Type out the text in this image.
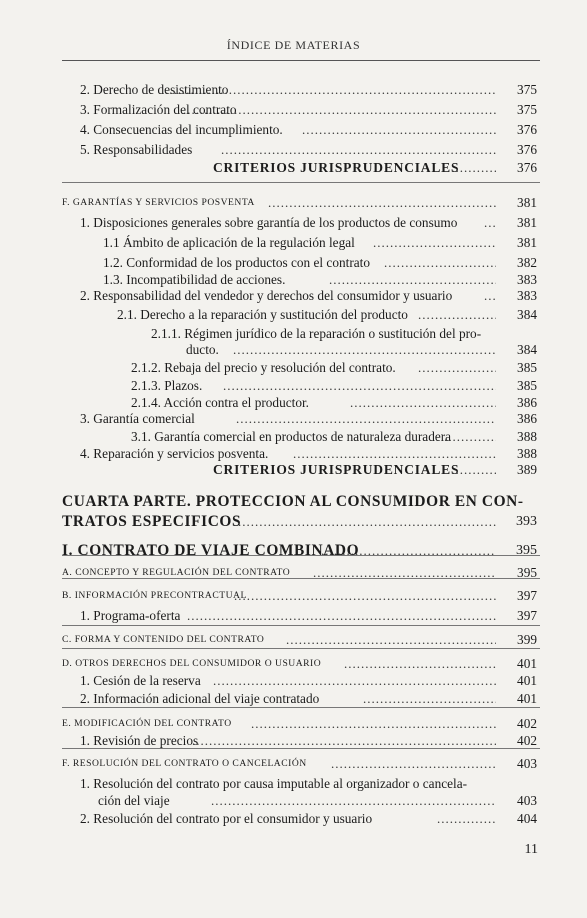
ÍNDICE DE MATERIAS
2. Derecho de desistimiento .....	375
3. Formalización del contrato .....	375
4. Consecuencias del incumplimiento. .....	376
5. Responsabilidades .....	376
CRITERIOS JURISPRUDENCIALES .....	376
F. GARANTÍAS Y SERVICIOS POSVENTA .....	381
1. Disposiciones generales sobre garantía de los productos de consumo .....	381
1.1 Ámbito de aplicación de la regulación legal .....	381
1.2. Conformidad de los productos con el contrato .....	382
1.3. Incompatibilidad de acciones. .....	383
2. Responsabilidad del vendedor y derechos del consumidor y usuario .....	383
2.1. Derecho a la reparación y sustitución del producto .....	384
2.1.1. Régimen jurídico de la reparación o sustitución del pro-
ducto. .....	384
2.1.2. Rebaja del precio y resolución del contrato. .....	385
2.1.3. Plazos. .....	385
2.1.4. Acción contra el productor. .....	386
3. Garantía comercial .....	386
3.1. Garantía comercial en productos de naturaleza duradera .....	388
4. Reparación y servicios posventa. .....	388
CRITERIOS JURISPRUDENCIALES .....	389
CUARTA PARTE. PROTECCION AL CONSUMIDOR EN CON-
TRATOS ESPECIFICOS .....	393
I. CONTRATO DE VIAJE COMBINADO .....	395
A. CONCEPTO Y REGULACIÓN DEL CONTRATO .....	395
B. INFORMACIÓN PRECONTRACTUAL .....	397
1. Programa-oferta .....	397
C. FORMA Y CONTENIDO DEL CONTRATO .....	399
D. OTROS DERECHOS DEL CONSUMIDOR O USUARIO .....	401
1. Cesión de la reserva .....	401
2. Información adicional del viaje contratado .....	401
E. MODIFICACIÓN DEL CONTRATO .....	402
1. Revisión de precios .....	402
F. RESOLUCIÓN DEL CONTRATO O CANCELACIÓN .....	403
1. Resolución del contrato por causa imputable al organizador o cancela-
ción del viaje .....	403
2. Resolución del contrato por el consumidor y usuario .....	404
11
